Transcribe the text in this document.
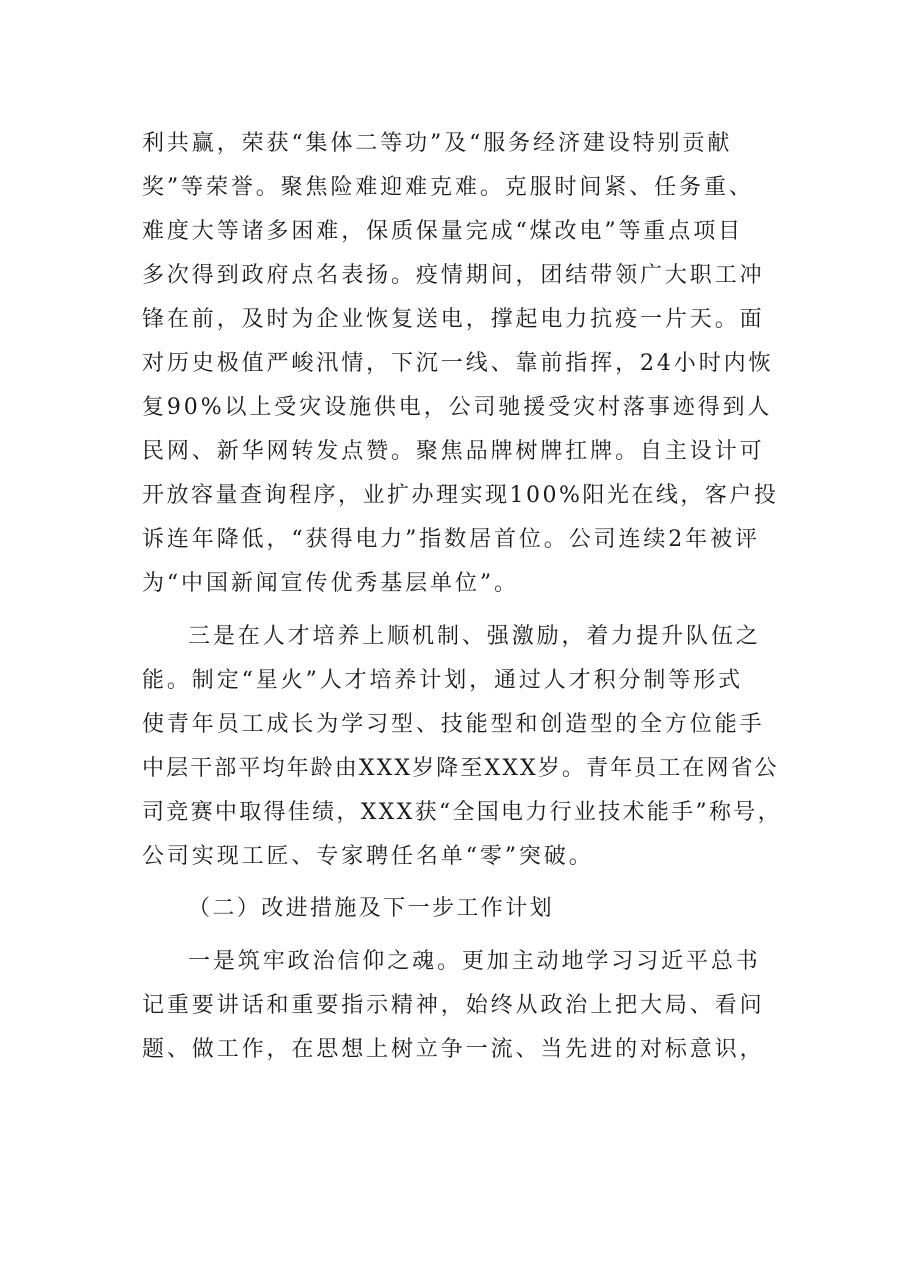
利共赢，荣获“集体二等功”及“服务经济建设特别贡献

奖”等荣誉。聚焦险难迎难克难。克服时间紧、任务重、

难度大等诸多困难，保质保量完成“煤改电”等重点项目

多次得到政府点名表扬。疫情期间，团结带领广大职工冲

锋在前，及时为企业恢复送电，撑起电力抗疫一片天。面

对历史极值严峻汛情，下沉一线、靠前指挥，24小时内恢

复90%以上受灾设施供电，公司驰援受灾村落事迹得到人

民网、新华网转发点赞。聚焦品牌树牌扛牌。自主设计可

开放容量查询程序，业扩办理实现100%阳光在线，客户投

诉连年降低，“获得电力”指数居首位。公司连续2年被评

为“中国新闻宣传优秀基层单位”。

三是在人才培养上顺机制、强激励，着力提升队伍之

能。制定“星火”人才培养计划，通过人才积分制等形式

使青年员工成长为学习型、技能型和创造型的全方位能手

中层干部平均年龄由XXX岁降至XXX岁。青年员工在网省公

司竞赛中取得佳绩，XXX获“全国电力行业技术能手”称号，

公司实现工匠、专家聘任名单“零”突破。

（二）改进措施及下一步工作计划

一是筑牢政治信仰之魂。更加主动地学习习近平总书

记重要讲话和重要指示精神，始终从政治上把大局、看问

题、做工作，在思想上树立争一流、当先进的对标意识，
